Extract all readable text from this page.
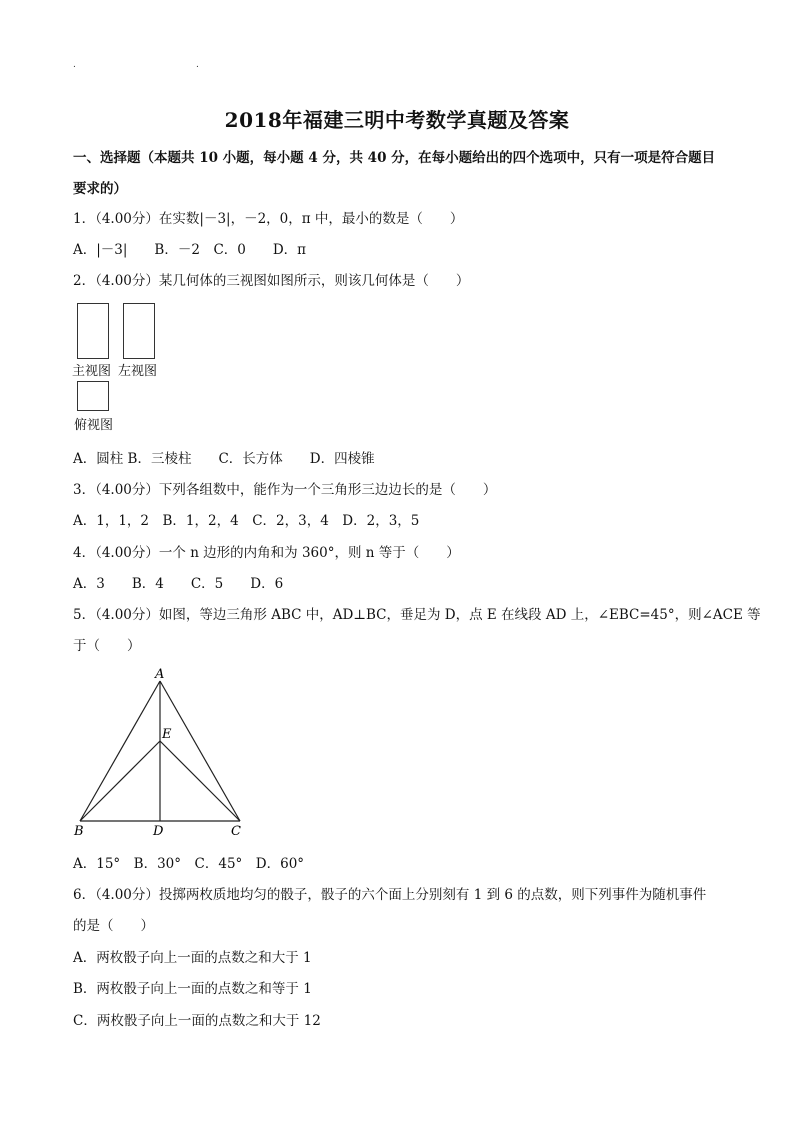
.	.
2018年福建三明中考数学真题及答案
一、选择题（本题共 10 小题，每小题 4 分，共 40 分，在每小题给出的四个选项中，只有一项是符合题目
要求的）
1．（4.00分）在实数|－3|，－2，0，π 中，最小的数是（　　）
A．|－3|　　B．－2　C．0　　D．π
2．（4.00分）某几何体的三视图如图所示，则该几何体是（　　）
主视图 左视图
俯视图
A．圆柱 B．三棱柱　　C．长方体　　D．四棱锥
3．（4.00分）下列各组数中，能作为一个三角形三边边长的是（　　）
A．1，1，2　B．1，2，4　C．2，3，4　D．2，3，5
4．（4.00分）一个 n 边形的内角和为 360°，则 n 等于（　　）
A．3　　B．4　　C．5　　D．6
5．（4.00分）如图，等边三角形 ABC 中，AD⊥BC，垂足为 D，点 E 在线段 AD 上，∠EBC=45°，则∠ACE 等
于（　　）
A
E
B	D	C
A．15°　B．30°　C．45°　D．60°
6．（4.00分）投掷两枚质地均匀的骰子，骰子的六个面上分别刻有 1 到 6 的点数，则下列事件为随机事件
的是（　　）
A．两枚骰子向上一面的点数之和大于 1
B．两枚骰子向上一面的点数之和等于 1
C．两枚骰子向上一面的点数之和大于 12
